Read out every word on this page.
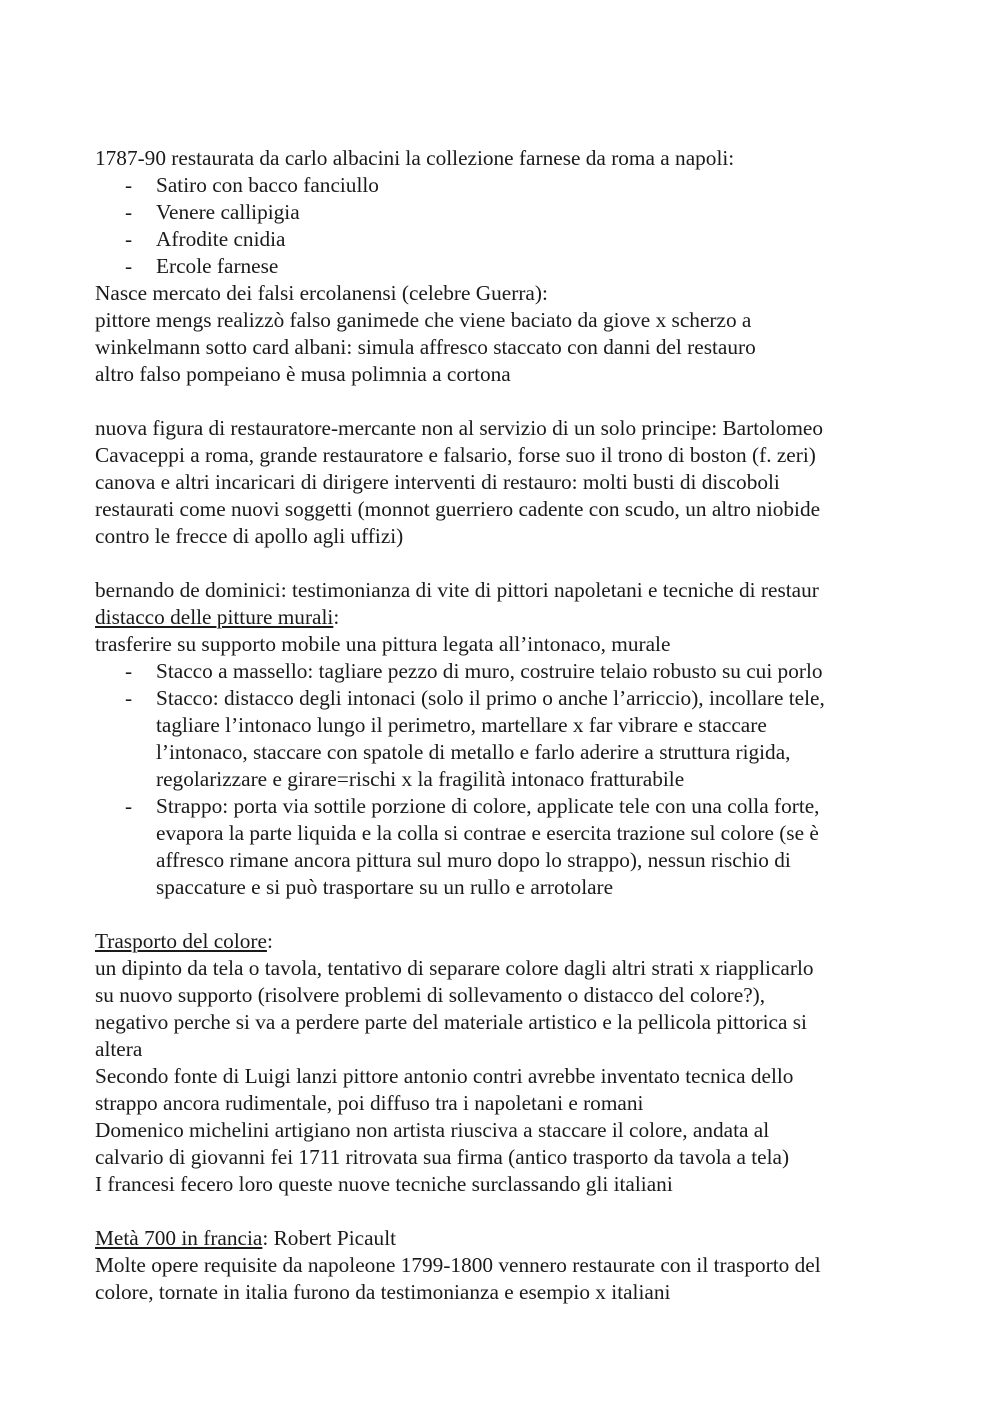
1787-90 restaurata da carlo albacini la collezione farnese da roma a napoli:
- Satiro con bacco fanciullo
- Venere callipigia
- Afrodite cnidia
- Ercole farnese
Nasce mercato dei falsi ercolanensi (celebre Guerra):
pittore mengs realizzò falso ganimede che viene baciato da giove x scherzo a
winkelmann sotto card albani: simula affresco staccato con danni del restauro
altro falso pompeiano è musa polimnia a cortona
nuova figura di restauratore-mercante non al servizio di un solo principe: Bartolomeo
Cavaceppi a roma, grande restauratore e falsario, forse suo il trono di boston (f. zeri)
canova e altri incaricari di dirigere interventi di restauro: molti busti di discoboli
restaurati come nuovi soggetti (monnot guerriero cadente con scudo, un altro niobide
contro le frecce di apollo agli uffizi)
bernando de dominici: testimonianza di vite di pittori napoletani e tecniche di restaur
distacco delle pitture murali:
trasferire su supporto mobile una pittura legata all’intonaco, murale
- Stacco a massello: tagliare pezzo di muro, costruire telaio robusto su cui porlo
- Stacco: distacco degli intonaci (solo il primo o anche l’arriccio), incollare tele,
tagliare l’intonaco lungo il perimetro, martellare x far vibrare e staccare
l’intonaco, staccare con spatole di metallo e farlo aderire a struttura rigida,
regolarizzare e girare=rischi x la fragilità intonaco fratturabile
- Strappo: porta via sottile porzione di colore, applicate tele con una colla forte,
evapora la parte liquida e la colla si contrae e esercita trazione sul colore (se è
affresco rimane ancora pittura sul muro dopo lo strappo), nessun rischio di
spaccature e si può trasportare su un rullo e arrotolare
Trasporto del colore:
un dipinto da tela o tavola, tentativo di separare colore dagli altri strati x riapplicarlo
su nuovo supporto (risolvere problemi di sollevamento o distacco del colore?),
negativo perche si va a perdere parte del materiale artistico e la pellicola pittorica si
altera
Secondo fonte di Luigi lanzi pittore antonio contri avrebbe inventato tecnica dello
strappo ancora rudimentale, poi diffuso tra i napoletani e romani
Domenico michelini artigiano non artista riusciva a staccare il colore, andata al
calvario di giovanni fei 1711 ritrovata sua firma (antico trasporto da tavola a tela)
I francesi fecero loro queste nuove tecniche surclassando gli italiani
Metà 700 in francia: Robert Picault
Molte opere requisite da napoleone 1799-1800 vennero restaurate con il trasporto del
colore, tornate in italia furono da testimonianza e esempio x italiani
